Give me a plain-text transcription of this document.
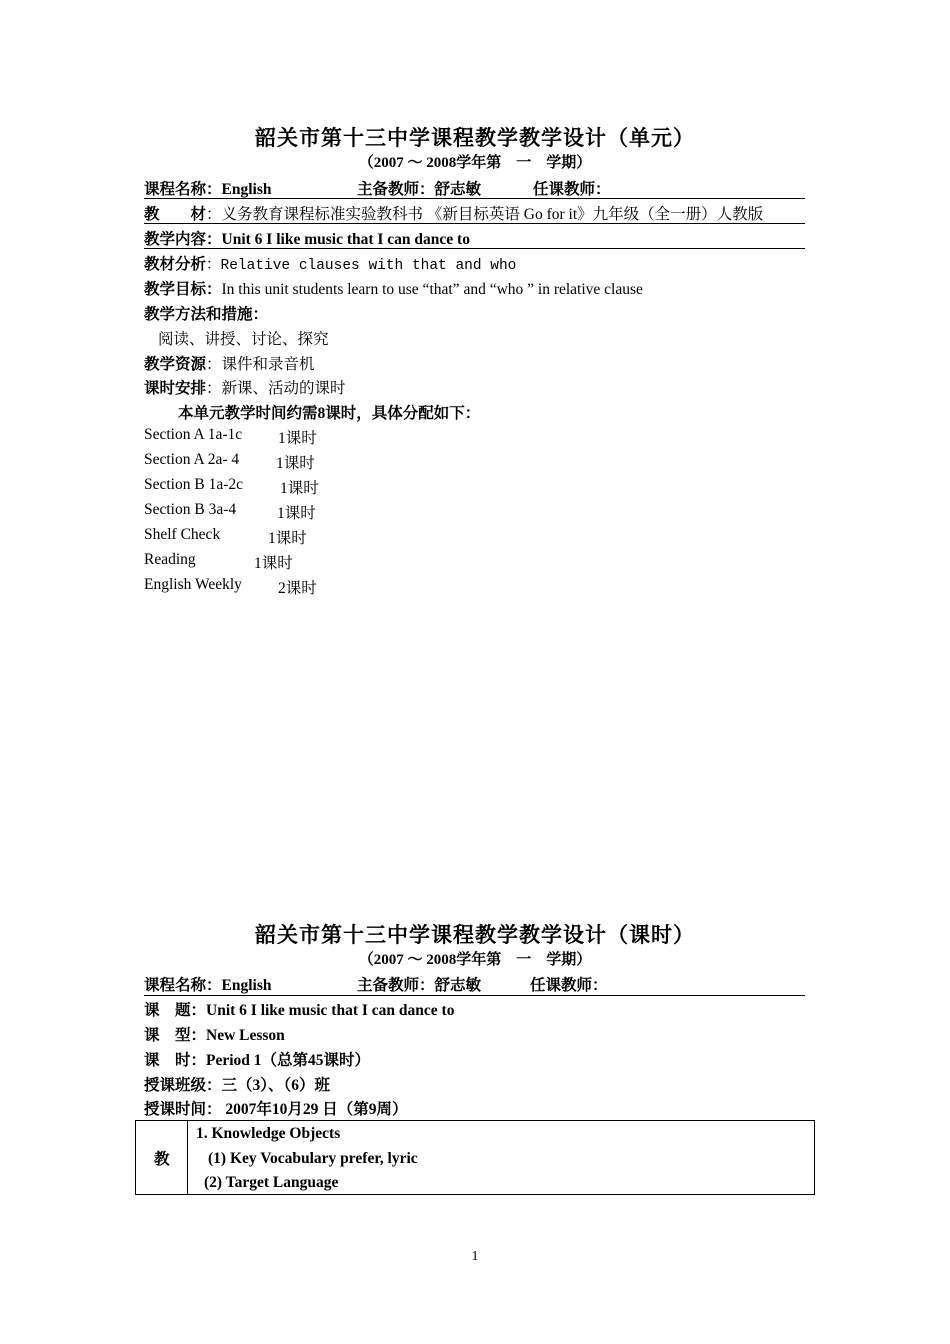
韶关市第十三中学课程教学教学设计（单元）
（2007 ～ 2008学年第　一　学期）
课程名称：English	主备教师：舒志敏	任课教师：
教　　材：义务教育课程标准实验教科书 《新目标英语 Go for it》九年级（全一册）人教版
教学内容：Unit 6 I like music that I can dance to
教材分析：Relative clauses with that and who
教学目标：In this unit students learn to use “that” and “who ” in relative clause
教学方法和措施：
阅读、讲授、讨论、探究
教学资源：课件和录音机
课时安排：新课、活动的课时
本单元教学时间约需8课时，具体分配如下：
Section A 1a-1c 1课时
Section A 2a- 4 1课时
Section B 1a-2c 1课时
Section B 3a-4	1课时
Shelf Check	1课时
Reading	1课时
English Weekly 2课时
韶关市第十三中学课程教学教学设计（课时）
（2007 ～ 2008学年第　一　学期）
课程名称：English	主备教师：舒志敏	任课教师：
课　题：Unit 6 I like music that I can dance to
课　型：New Lesson
课　时：Period 1（总第45课时）
授课班级：三（3）、（6）班
授课时间： 2007年10月29 日（第9周）
教
1. Knowledge Objects
(1) Key Vocabulary prefer, lyric
(2) Target Language
1
